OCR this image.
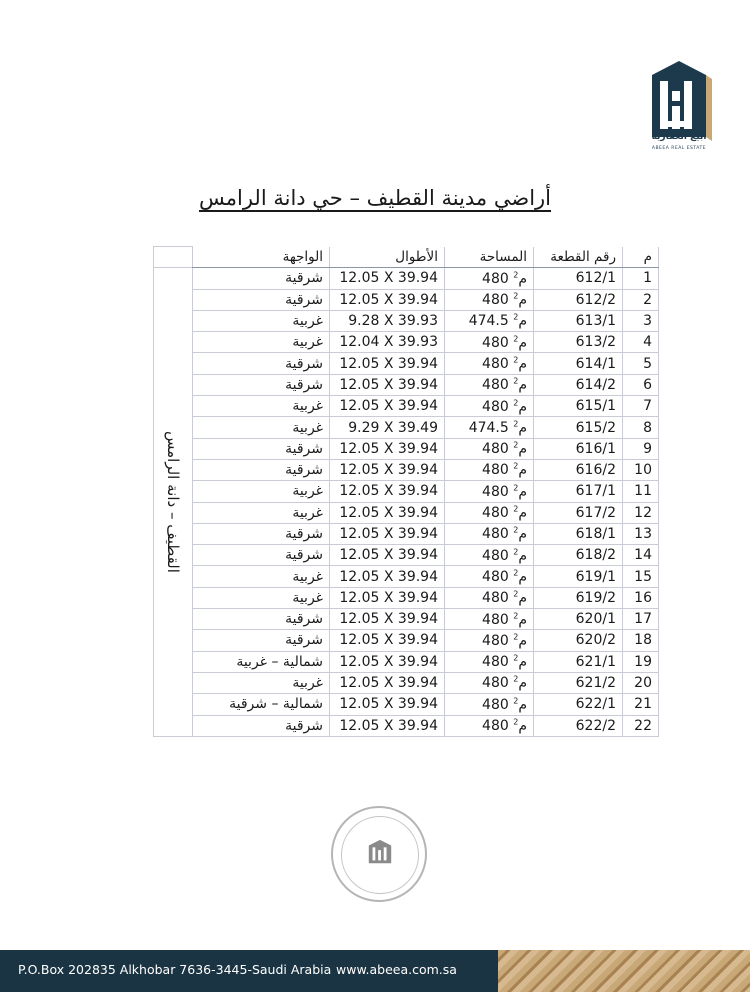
أبيع العقارية
ABEEA REAL ESTATE
أراضي مدينة القطيف – حي دانة الرامس
م	رقم القطعة	المساحة	الأطوال	الواجهة	
1	612/1	480 م$^2$	12.05 X 39.94	شرقية	القطيف – دانة الرامس

2	612/2	480 م$^2$	12.05 X 39.94	شرقية	
3	613/1	474.5 م$^2$	9.28 X 39.93	غربية	
4	613/2	480 م$^2$	12.04 X 39.93	غربية	
5	614/1	480 م$^2$	12.05 X 39.94	شرقية	
6	614/2	480 م$^2$	12.05 X 39.94	شرقية	
7	615/1	480 م$^2$	12.05 X 39.94	غربية	
8	615/2	474.5 م$^2$	9.29 X 39.49	غربية	
9	616/1	480 م$^2$	12.05 X 39.94	شرقية	
10	616/2	480 م$^2$	12.05 X 39.94	شرقية	
11	617/1	480 م$^2$	12.05 X 39.94	غربية	
12	617/2	480 م$^2$	12.05 X 39.94	غربية	
13	618/1	480 م$^2$	12.05 X 39.94	شرقية	
14	618/2	480 م$^2$	12.05 X 39.94	شرقية	
15	619/1	480 م$^2$	12.05 X 39.94	غربية	
16	619/2	480 م$^2$	12.05 X 39.94	غربية	
17	620/1	480 م$^2$	12.05 X 39.94	شرقية	
18	620/2	480 م$^2$	12.05 X 39.94	شرقية	
19	621/1	480 م$^2$	12.05 X 39.94	شمالية – غربية	
20	621/2	480 م$^2$	12.05 X 39.94	غربية	
21	622/1	480 م$^2$	12.05 X 39.94	شمالية – شرقية	
22	622/2	480 م$^2$	12.05 X 39.94	شرقية	
P.O.Box 202835 Alkhobar 7636-3445-Saudi Arabia www.abeea.com.sa
